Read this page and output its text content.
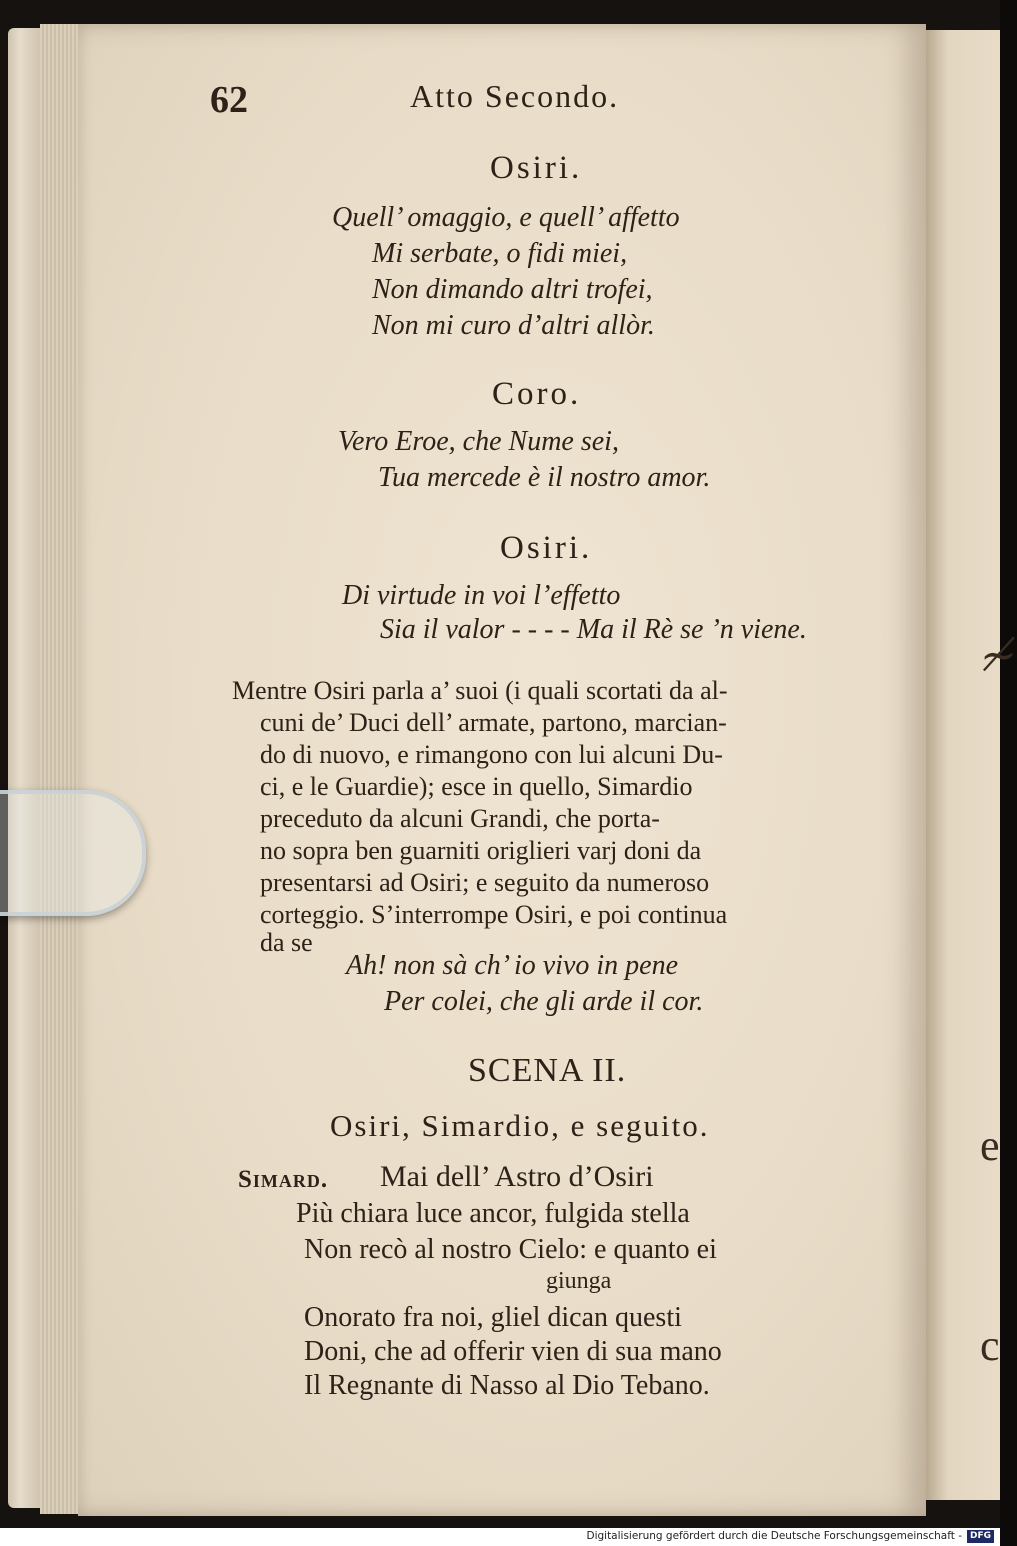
≁
e
c
62	Atto Secondo.
Osiri.
Quell’ omaggio, e quell’ affetto
Mi serbate, o fidi miei,
Non dimando altri trofei,
Non mi curo d’altri allòr.
Coro.
Vero Eroe, che Nume sei,
Tua mercede è il nostro amor.
Osiri.
Di virtude in voi l’effetto
Sia il valor - - - - Ma il Rè se ’n viene.
Mentre Osiri parla a’ suoi (i quali scortati da al-
cuni de’ Duci dell’ armate, partono, marcian-
do di nuovo, e rimangono con lui alcuni Du-
ci, e le Guardie); esce in quello, Simardio
preceduto da alcuni Grandi, che porta-
no sopra ben guarniti origlieri varj doni da
presentarsi ad Osiri; e seguito da numeroso
corteggio. S’interrompe Osiri, e poi continua
da se
Ah! non sà ch’ io vivo in pene
Per colei, che gli arde il cor.
SCENA II.
Osiri, Simardio, e seguito.
Simard. Mai dell’ Astro d’Osiri
Più chiara luce ancor, fulgida stella
Non recò al nostro Cielo: e quanto ei
giunga
Onorato fra noi, gliel dican questi
Doni, che ad offerir vien di sua mano
Il Regnante di Nasso al Dio Tebano.
Digitalisierung gefördert durch die Deutsche Forschungsgemeinschaft - DFG
